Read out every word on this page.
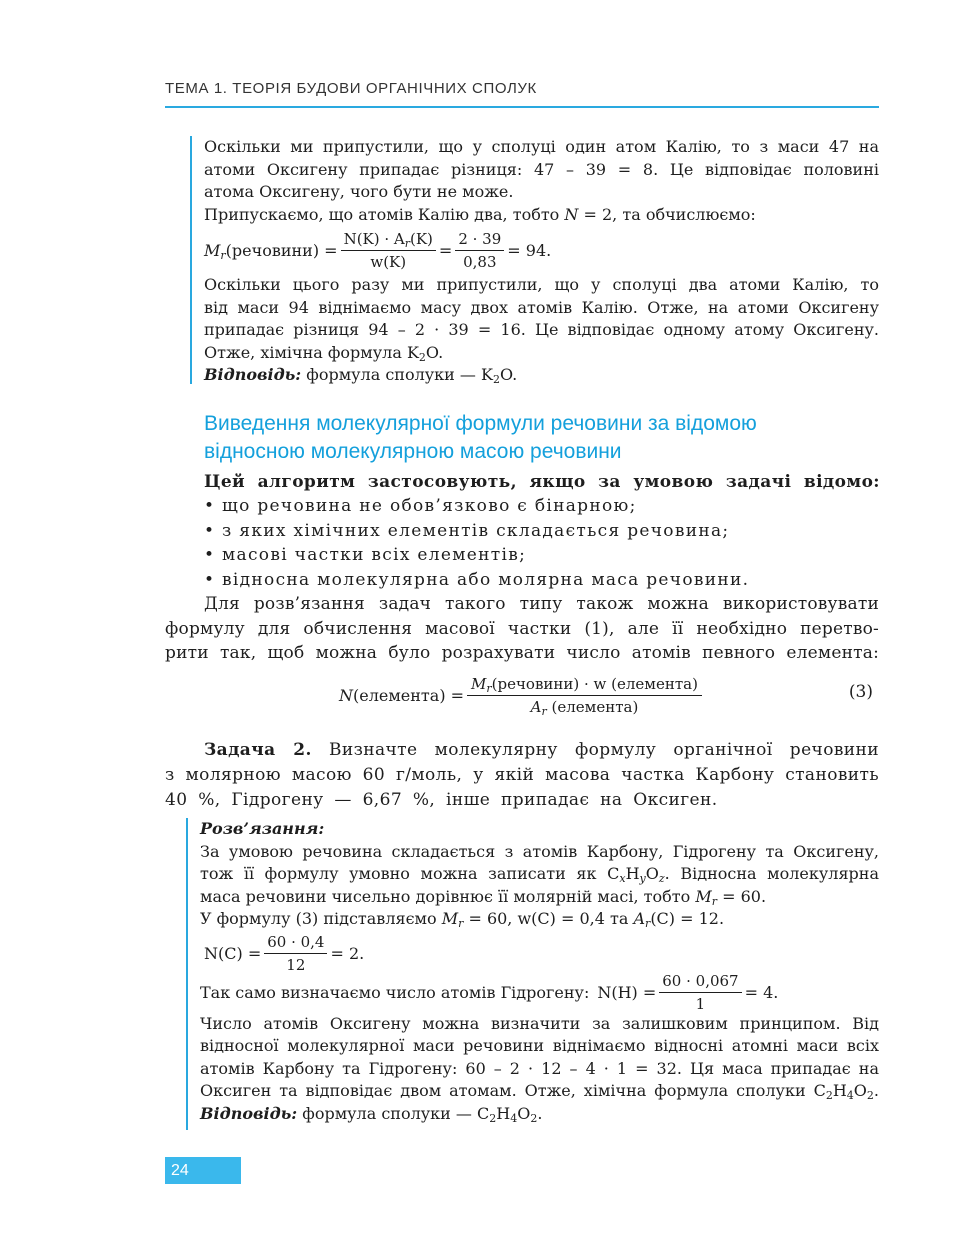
ТЕМА 1. ТЕОРІЯ БУДОВИ ОРГАНІЧНИХ СПОЛУК

Оскільки ми припустили, що у сполуці один атом Калію, то з маси 47 на

атоми Оксигену припадає різниця: 47 – 39 = 8. Це відповідає половині

атома Оксигену, чого бути не може.

Припускаємо, що атомів Калію два, тобто N = 2, та обчислюємо:

$M_r(речовини) = \frac{N(K) \cdot A_r(K)}{w(K)} = \frac{2 \cdot 39}{0,83} = 94$.

Оскільки цього разу ми припустили, що у сполуці два атоми Калію, то

від маси 94 віднімаємо масу двох атомів Калію. Отже, на атоми Оксигену

припадає різниця 94 – 2 · 39 = 16. Це відповідає одному атому Оксигену.

Отже, хімічна формула $K_2O$.

Відповідь: формула сполуки — $K_2O$.

Виведення молекулярної формули речовини за відомою
відносною молекулярною масою речовини
Цей алгоритм застосовують, якщо за умовою задачі відомо:
• що речовина не обов’язково є бінарною;
• з яких хімічних елементів складається речовина;
• масові частки всіх елементів;
• відносна молекулярна або молярна маса речовини.
Для розв’язання задач такого типу також можна використовувати
формулу для обчислення масової частки (1), але її необхідно перетво-
рити так, щоб можна було розрахувати число атомів певного елемента:
N(елемента) = $\frac{M_r(речовини) \cdot w (елемента)}{A_r (елемента)}$	(3)
Задача 2. Визначте молекулярну формулу органічної речовини
з молярною масою 60 г/моль, у якій масова частка Карбону становить
40 %, Гідрогену — 6,67 %, інше припадає на Оксиген.

Розв’язання:

За умовою речовина складається з атомів Карбону, Гідрогену та Оксигену,

тож її формулу умовно можна записати як $C_xH_yO_z$. Відносна молекулярна

маса речовини чисельно дорівнює її молярній масі, тобто $M_r = 60$.

У формулу (3) підставляємо $M_r = 60$, w(C) = 0,4 та $A_r(C) = 12$.

$N(C) = \frac{60 \cdot 0,4}{12} = 2$.
Так само визначаємо число атомів Гідрогену: $N(H) = \frac{60 \cdot 0,067}{1} = 4$.

Число атомів Оксигену можна визначити за залишковим принципом. Від

відносної молекулярної маси речовини віднімаємо відносні атомні маси всіх

атомів Карбону та Гідрогену: 60 – 2 · 12 – 4 · 1 = 32. Ця маса припадає на

Оксиген та відповідає двом атомам. Отже, хімічна формула сполуки $C_2H_4O_2$.

Відповідь: формула сполуки — $C_2H_4O_2$.

24
